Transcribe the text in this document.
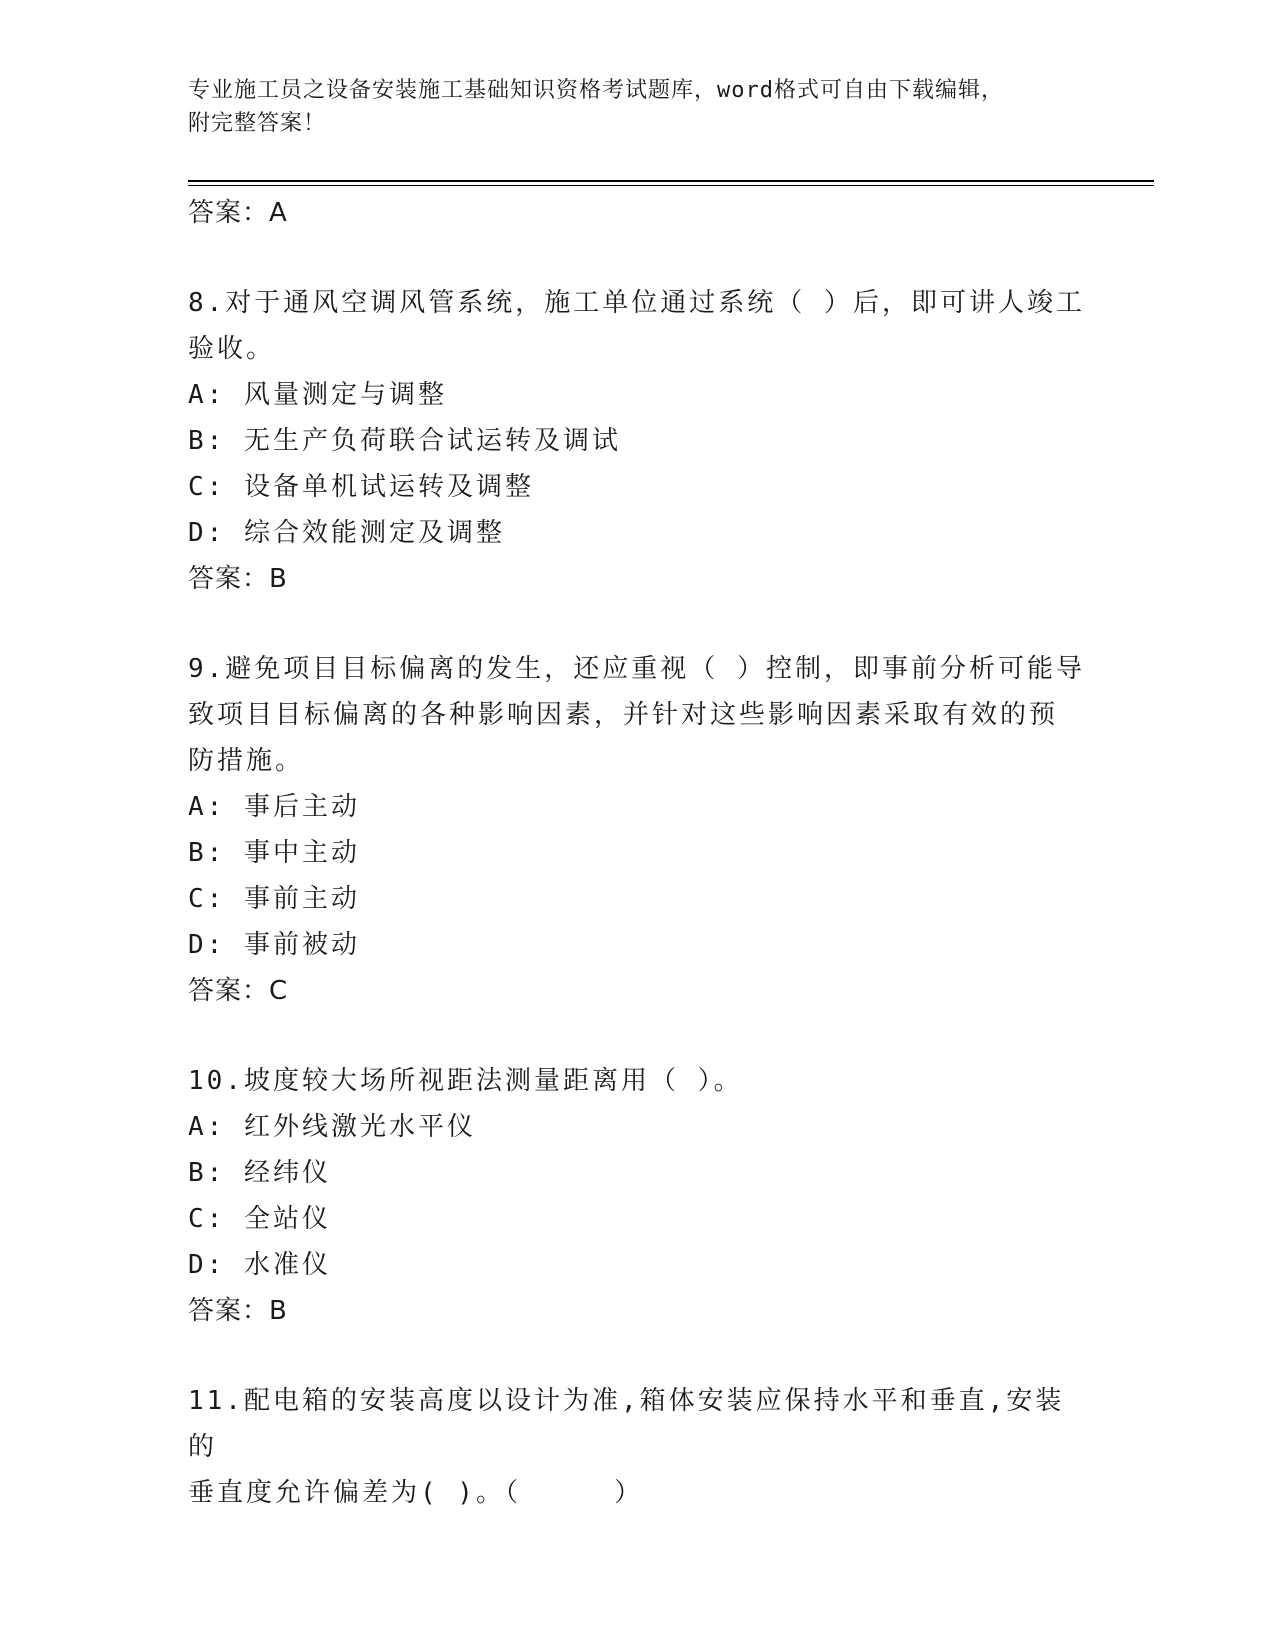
专业施工员之设备安装施工基础知识资格考试题库，word格式可自由下载编辑，
附完整答案！
答案：A
8.对于通风空调风管系统，施工单位通过系统（ ）后，即可讲人竣工
验收。
A: 风量测定与调整
B: 无生产负荷联合试运转及调试
C: 设备单机试运转及调整
D: 综合效能测定及调整
答案：B
9.避免项目目标偏离的发生，还应重视（ ）控制，即事前分析可能导
致项目目标偏离的各种影响因素，并针对这些影响因素采取有效的预
防措施。
A: 事后主动
B: 事中主动
C: 事前主动
D: 事前被动
答案：C
10.坡度较大场所视距法测量距离用（ ）。
A: 红外线激光水平仪
B: 经纬仪
C: 全站仪
D: 水准仪
答案：B
11.配电箱的安装高度以设计为准,箱体安装应保持水平和垂直,安装的
垂直度允许偏差为( )。（     ）
